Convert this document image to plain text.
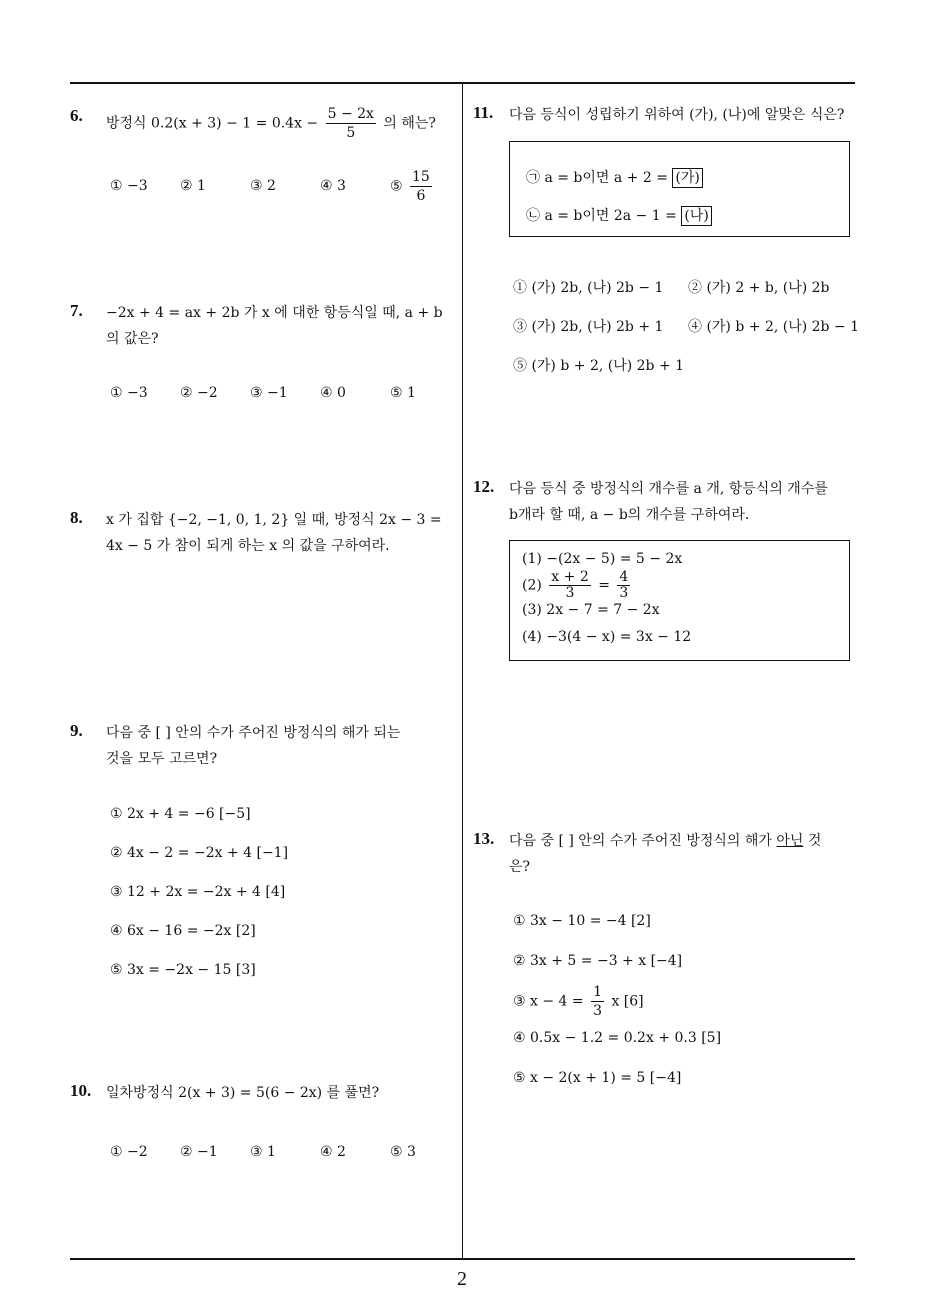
2
6. 방정식 $0.2(x + 3) - 1 = 0.4x - \frac{5 - 2x}{5}$ 의 해는?
① −3 ② 1	③ 2	④ 3	⑤ $\frac{15}{6}$
7. −2x + 4 = ax + 2b 가 x 에 대한 항등식일 때, a + b
의 값은?
① −3 ② −2 ③ −1 ④ 0	⑤ 1
8. x 가 집합 {−2, −1, 0, 1, 2} 일 때, 방정식 2x − 3 =
4x − 5 가 참이 되게 하는 x 의 값을 구하여라.
9. 다음 중 [ ] 안의 수가 주어진 방정식의 해가 되는
것을 모두 고르면?
① 2x + 4 = −6 [−5]
② 4x − 2 = −2x + 4 [−1]
③ 12 + 2x = −2x + 4 [4]
④ 6x − 16 = −2x [2]
⑤ 3x = −2x − 15 [3]
10. 일차방정식 2(x + 3) = 5(6 − 2x) 를 풀면?
① −2 ② −1 ③ 1	④ 2	⑤ 3
11. 다음 등식이 성립하기 위하여 (가), (나)에 알맞은 식은?
㉠ a = b이면 a + 2 = (가)
㉡ a = b이면 2a − 1 = (나)
① (가) 2b, (나) 2b − 1 ② (가) 2 + b, (나) 2b
③ (가) 2b, (나) 2b + 1 ④ (가) b + 2, (나) 2b − 1
⑤ (가) b + 2, (나) 2b + 1
12. 다음 등식 중 방정식의 개수를 a 개, 항등식의 개수를
b개라 할 때, a − b의 개수를 구하여라.
(1) −(2x − 5) = 5 − 2x
$(2) \frac{x + 2}{3} = \frac{4}{3}$
(3) 2x − 7 = 7 − 2x
(4) −3(4 − x) = 3x − 12
13. 다음 중 [ ] 안의 수가 주어진 방정식의 해가 아닌 것
은?
① 3x − 10 = −4 [2]
② 3x + 5 = −3 + x [−4]
③ $x - 4 = \frac{1}{3}$ x [6]
④ 0.5x − 1.2 = 0.2x + 0.3 [5]
⑤ x − 2(x + 1) = 5 [−4]
